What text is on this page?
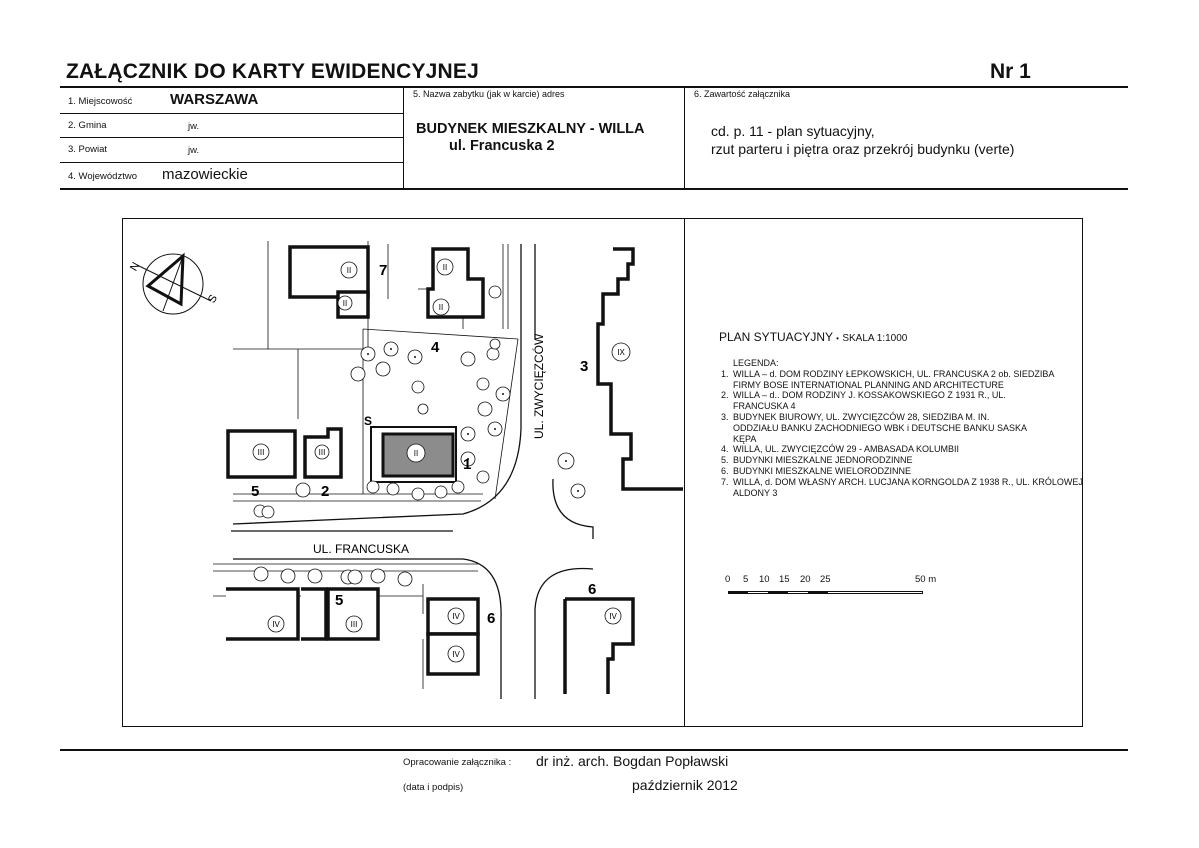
ZAŁĄCZNIK DO KARTY EWIDENCYJNEJ	Nr 1
1. Miejscowość	WARSZAWA
2. Gmina	jw.
3. Powiat	jw.
4. Województwo mazowieckie
5. Nazwa zabytku (jak w karcie) adres
BUDYNEK MIESZKALNY - WILLA
ul. Francuska 2
6. Zawartość załącznika
cd. p. 11 - plan sytuacyjny,
rzut parteru i piętra oraz przekrój budynku (verte)
N
S
II
II
II
II
III	III
III
IV
IV
IV
IV
IX
II
1
2
3
4
5
5
6
6
7
S
UL. FRANCUSKA
UL. ZWYCIĘZCÓW	PLAN SYTUACYJNY • SKALA 1:1000
LEGENDA:
1. WILLA – d. DOM RODZINY ŁEPKOWSKICH, UL. FRANCUSKA 2 ob. SIEDZIBA FIRMY BOSE INTERNATIONAL PLANNING AND ARCHITECTURE
2. WILLA – d.. DOM RODZINY J. KOSSAKOWSKIEGO Z 1931 R., UL. FRANCUSKA 4
3. BUDYNEK BIUROWY, UL. ZWYCIĘZCÓW 28, SIEDZIBA M. IN. ODDZIAŁU BANKU ZACHODNIEGO WBK i DEUTSCHE BANKU SASKA KĘPA
4. WILLA, UL. ZWYCIĘZCÓW 29 - AMBASADA KOLUMBII
5. BUDYNKI MIESZKALNE JEDNORODZINNE
6. BUDYNKI MIESZKALNE WIELORODZINNE
7. WILLA, d. DOM WŁASNY ARCH. LUCJANA KORNGOLDA Z 1938 R., UL. KRÓLOWEJ ALDONY 3
0 5 10 15 20 25	50 m
Opracowanie załącznika : dr inż. arch. Bogdan Popławski
(data i podpis)	październik 2012
